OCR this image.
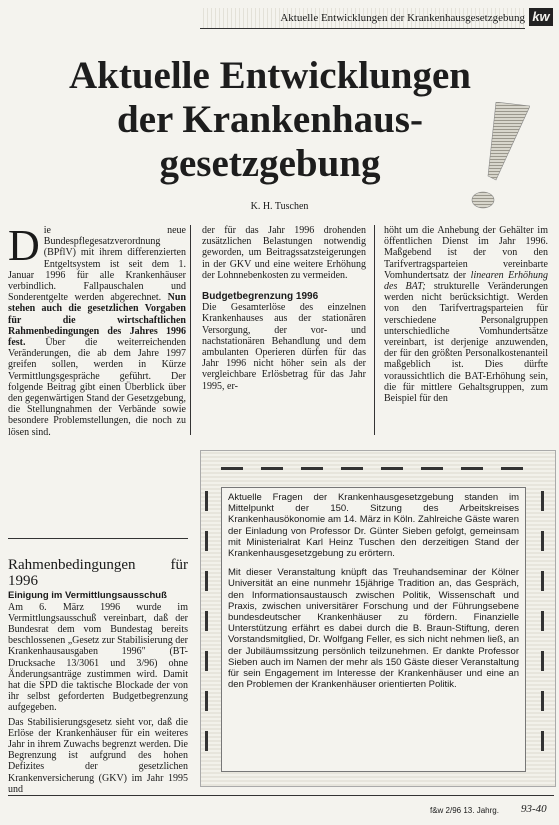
Aktuelle Entwicklungen der Krankenhausgesetzgebung kw
Aktuelle Entwicklungen
der Krankenhaus-
gesetzgebung
K. H. Tuschen

Die neue Bundespflegesatzverordnung (BPflV) mit ihrem differenzierten Entgeltsystem ist seit dem 1. Januar 1996 für alle Krankenhäuser verbindlich. Fallpauschalen und Sonderentgelte werden abgerechnet. Nun stehen auch die gesetzlichen Vorgaben für die wirtschaftlichen Rahmenbedingungen des Jahres 1996 fest. Über die weiterreichenden Veränderungen, die ab dem Jahre 1997 greifen sollen, werden in Kürze Vermittlungsgespräche geführt. Der folgende Beitrag gibt einen Überblick über den gegenwärtigen Stand der Gesetzgebung, die Stellungnahmen der Verbände sowie besondere Problemstellungen, die noch zu lösen sind.

Rahmenbedingungen für 1996

Einigung im Vermittlungsausschuß

Am 6. März 1996 wurde im Vermittlungsausschuß vereinbart, daß der Bundesrat dem vom Bundestag bereits beschlossenen „Gesetz zur Stabilisierung der Krankenhausausgaben 1996" (BT-Drucksache 13/3061 und 3/96) ohne Änderungsanträge zustimmen wird. Damit hat die SPD die taktische Blockade der von ihr selbst geforderten Budgetbegrenzung aufgegeben.

Das Stabilisierungsgesetz sieht vor, daß die Erlöse der Krankenhäuser für ein weiteres Jahr in ihrem Zuwachs begrenzt werden. Die Begrenzung ist aufgrund des hohen Defizites der gesetzlichen Krankenversicherung (GKV) im Jahr 1995 und

der für das Jahr 1996 drohenden zusätzlichen Belastungen notwendig geworden, um Beitragssatzsteigerungen in der GKV und eine weitere Erhöhung der Lohnnebenkosten zu vermeiden.

Budgetbegrenzung 1996

Die Gesamterlöse des einzelnen Krankenhauses aus der stationären Versorgung, der vor- und nachstationären Behandlung und dem ambulanten Operieren dürfen für das Jahr 1996 nicht höher sein als der vergleichbare Erlösbetrag für das Jahr 1995, er-

höht um die Anhebung der Gehälter im öffentlichen Dienst im Jahr 1996. Maßgebend ist der von den Tarifvertragsparteien vereinbarte Vomhundertsatz der linearen Erhöhung des BAT; strukturelle Veränderungen werden nicht berücksichtigt. Werden von den Tarifvertragsparteien für verschiedene Personalgruppen unterschiedliche Vomhundertsätze vereinbart, ist derjenige anzuwenden, der für den größten Personalkostenanteil maßgeblich ist. Dies dürfte voraussichtlich die BAT-Erhöhung sein, die für mittlere Gehaltsgruppen, zum Beispiel für den

Aktuelle Fragen der Krankenhausgesetzgebung standen im Mittelpunkt der 150. Sitzung des Arbeitskreises Krankenhausökonomie am 14. März in Köln. Zahlreiche Gäste waren der Einladung von Professor Dr. Günter Sieben gefolgt, gemeinsam mit Ministerialrat Karl Heinz Tuschen den derzeitigen Stand der Krankenhausgesetzgebung zu erörtern.

Mit dieser Veranstaltung knüpft das Treuhandseminar der Kölner Universität an eine nunmehr 15jährige Tradition an, das Gespräch, den Informationsaustausch zwischen Politik, Wissenschaft und Praxis, zwischen universitärer Forschung und der Führungsebene bundesdeutscher Krankenhäuser zu fördern. Finanzielle Unterstützung erfährt es dabei durch die B. Braun-Stiftung, deren Vorstandsmitglied, Dr. Wolfgang Feller, es sich nicht nehmen ließ, an der Jubiläumssitzung persönlich teilzunehmen. Er dankte Professor Sieben auch im Namen der mehr als 150 Gäste dieser Veranstaltung für sein Engagement im Interesse der Krankenhäuser und eine an den Problemen der Krankenhäuser orientierten Politik.

f&w 2/96 13. Jahrg. 93-40
